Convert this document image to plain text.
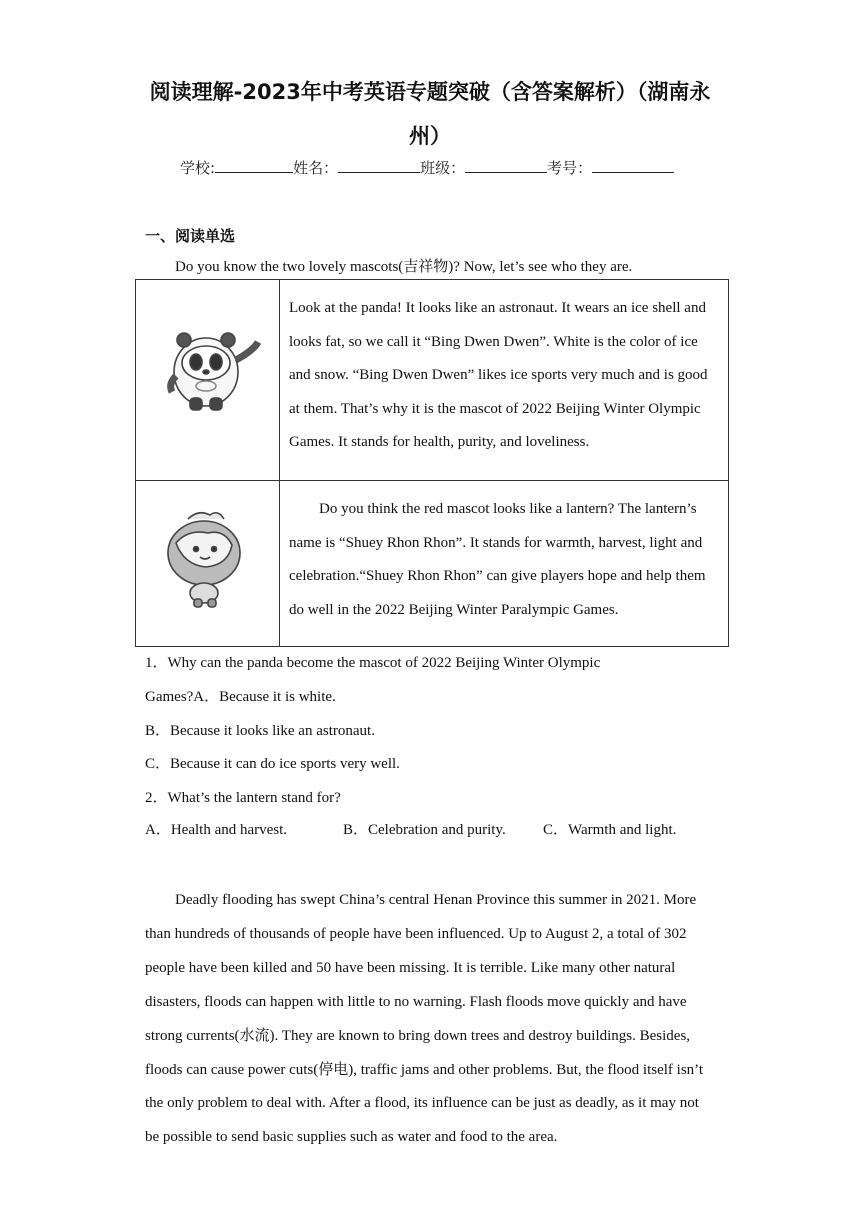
阅读理解-2023年中考英语专题突破（含答案解析）（湖南永
州）
学校:	姓名：	班级：	考号：
一、阅读单选
Do you know the two lovely mascots(吉祥物)? Now, let’s see who they are.
	Look at the panda! It looks like an astronaut. It wears an ice shell and looks fat, so we call it “Bing Dwen Dwen”. White is the color of ice and snow. “Bing Dwen Dwen” likes ice sports very much and is good at them. That’s why it is the mascot of 2022 Beijing Winter Olympic Games. It stands for health, purity, and loveliness.
	Do you think the red mascot looks like a lantern? The lantern’s name is “Shuey Rhon Rhon”. It stands for warmth, harvest, light and celebration.“Shuey Rhon Rhon” can give players hope and help them do well in the 2022 Beijing Winter Paralympic Games.
1．Why can the panda become the mascot of 2022 Beijing Winter Olympic
Games?A．Because it is white.
B．Because it looks like an astronaut.
C．Because it can do ice sports very well.
2．What’s the lantern stand for?
A．Health and harvest.	B．Celebration and purity. C．Warmth and light.
Deadly flooding has swept China’s central Henan Province this summer in 2021. More than hundreds of thousands of people have been influenced. Up to August 2, a total of 302 people have been killed and 50 have been missing. It is terrible. Like many other natural disasters, floods can happen with little to no warning. Flash floods move quickly and have strong currents(水流). They are known to bring down trees and destroy buildings. Besides, floods can cause power cuts(停电), traffic jams and other problems. But, the flood itself isn’t the only problem to deal with. After a flood, its influence can be just as deadly, as it may not be possible to send basic supplies such as water and food to the area.
